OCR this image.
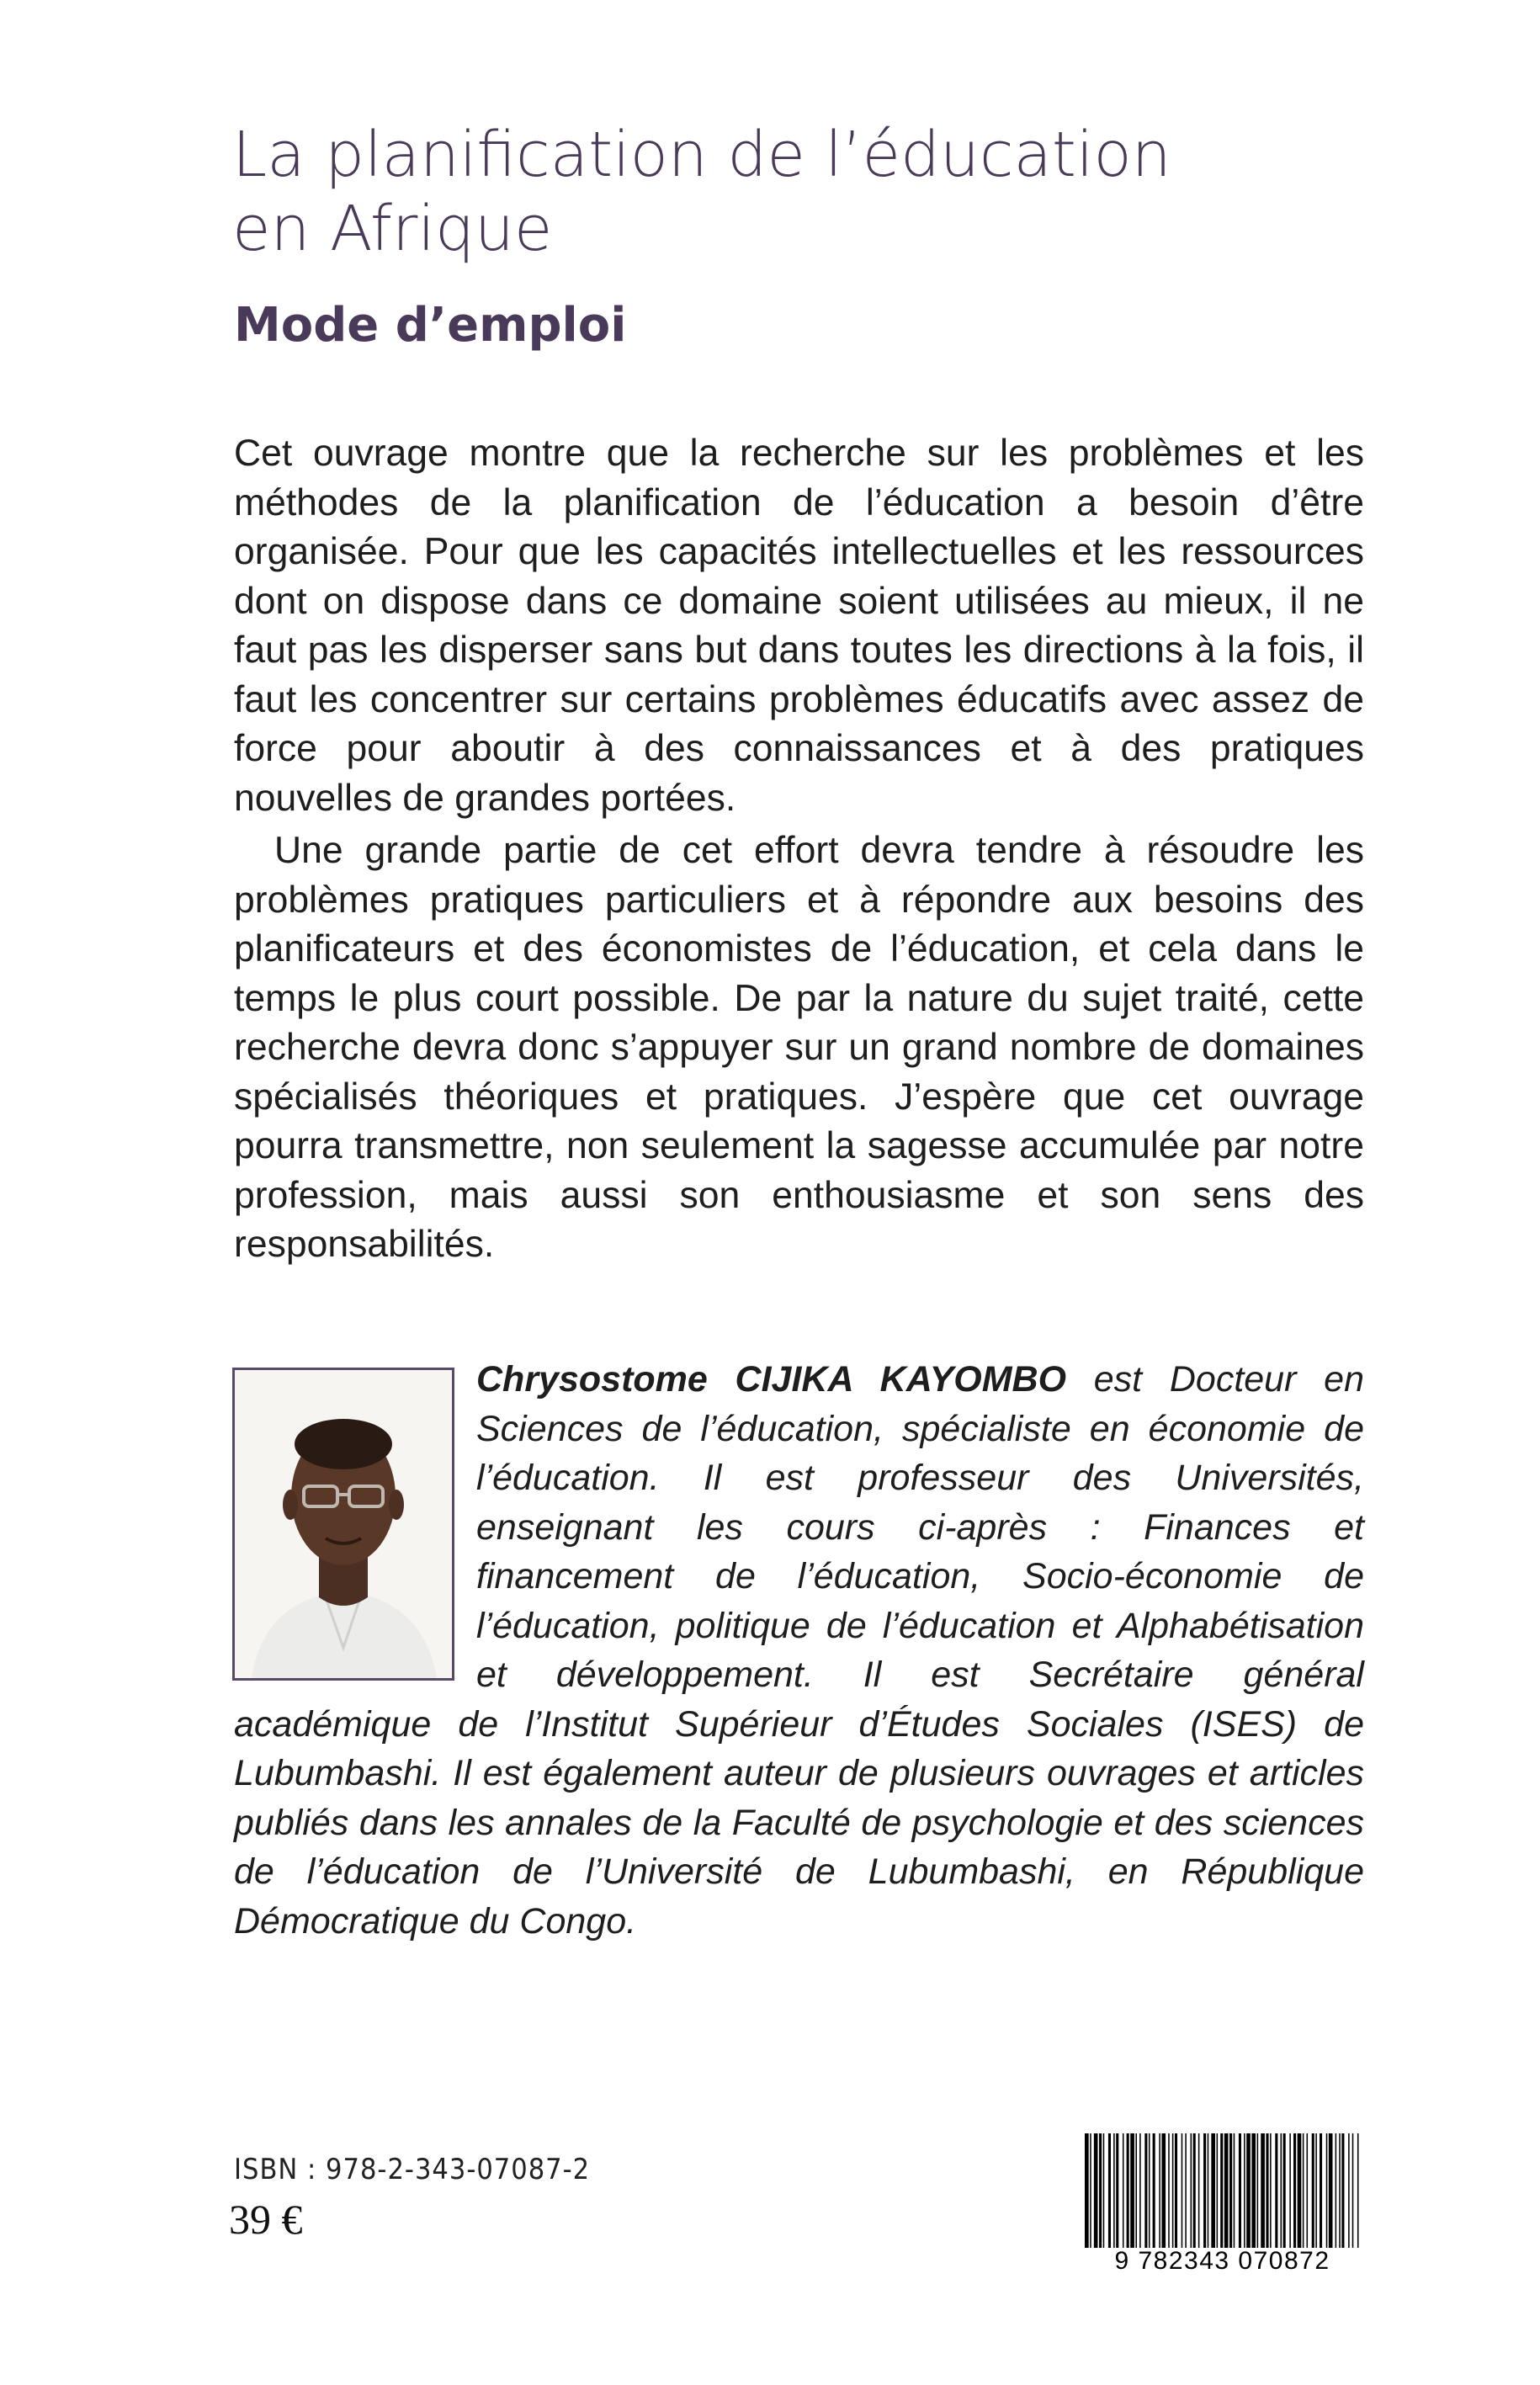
La planification de l’éducation
en Afrique
Mode d’emploi

Cet ouvrage montre que la recherche sur les problèmes et les méthodes de la planification de l’éducation a besoin d’être organisée. Pour que les capacités intellectuelles et les ressources dont on dispose dans ce domaine soient utilisées au mieux, il ne faut pas les disperser sans but dans toutes les directions à la fois, il faut les concentrer sur certains problèmes éducatifs avec assez de force pour aboutir à des connaissances et à des pratiques nouvelles de grandes portées.

Une grande partie de cet effort devra tendre à résoudre les problèmes pratiques particuliers et à répondre aux besoins des planificateurs et des économistes de l’éducation, et cela dans le temps le plus court possible. De par la nature du sujet traité, cette recherche devra donc s’appuyer sur un grand nombre de domaines spécialisés théoriques et pratiques. J’espère que cet ouvrage pourra transmettre, non seulement la sagesse accumulée par notre profession, mais aussi son enthousiasme et son sens des responsabilités.

Chrysostome CIJIKA KAYOMBO est Docteur en Sciences de l’éducation, spécialiste en économie de l’éducation. Il est professeur des Universités, enseignant les cours ci-après : Finances et financement de l’éducation, Socio-économie de l’éducation, politique de l’éducation et Alphabétisation et développement. Il est Secrétaire général académique de l’Institut Supérieur d’Études Sociales (ISES) de Lubumbashi. Il est également auteur de plusieurs ouvrages et articles publiés dans les annales de la Faculté de psychologie et des sciences de l’éducation de l’Université de Lubumbashi, en République Démocratique du Congo.

ISBN : 978-2-343-07087-2
39 €
9 782343 070872
